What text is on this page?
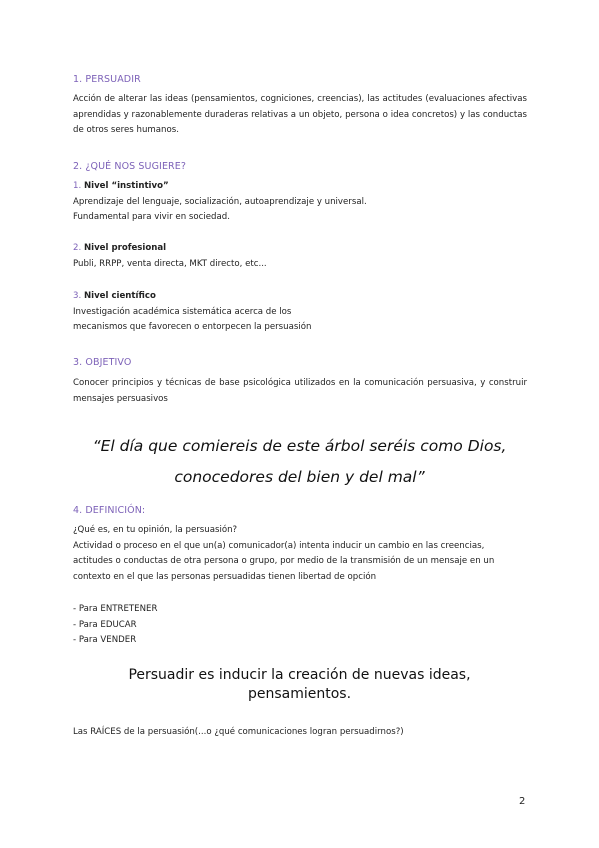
1. PERSUADIR
Acción de alterar las ideas (pensamientos, cogniciones, creencias), las actitudes (evaluaciones afectivas aprendidas y razonablemente duraderas relativas a un objeto, persona o idea concretos) y las conductas de otros seres humanos.
2. ¿QUÉ NOS SUGIERE?
1. Nivel “instintivo”
Aprendizaje del lenguaje, socialización, autoaprendizaje y universal.
Fundamental para vivir en sociedad.
2. Nivel profesional
Publi, RRPP, venta directa, MKT directo, etc...
3. Nivel científico
Investigación académica sistemática acerca de los
mecanismos que favorecen o entorpecen la persuasión
3. OBJETIVO
Conocer principios y técnicas de base psicológica utilizados en la comunicación persuasiva, y construir mensajes persuasivos
“El día que comiereis de este árbol seréis como Dios,
conocedores del bien y del mal”
4. DEFINICIÓN:
¿Qué es, en tu opinión, la persuasión?
Actividad o proceso en el que un(a) comunicador(a) intenta inducir un cambio en las creencias,
actitudes o conductas de otra persona o grupo, por medio de la transmisión de un mensaje en un
contexto en el que las personas persuadidas tienen libertad de opción
- Para ENTRETENER
- Para EDUCAR
- Para VENDER
Persuadir es inducir la creación de nuevas ideas,
pensamientos.
Las RAÍCES de la persuasión(...o ¿qué comunicaciones logran persuadirnos?)
2
